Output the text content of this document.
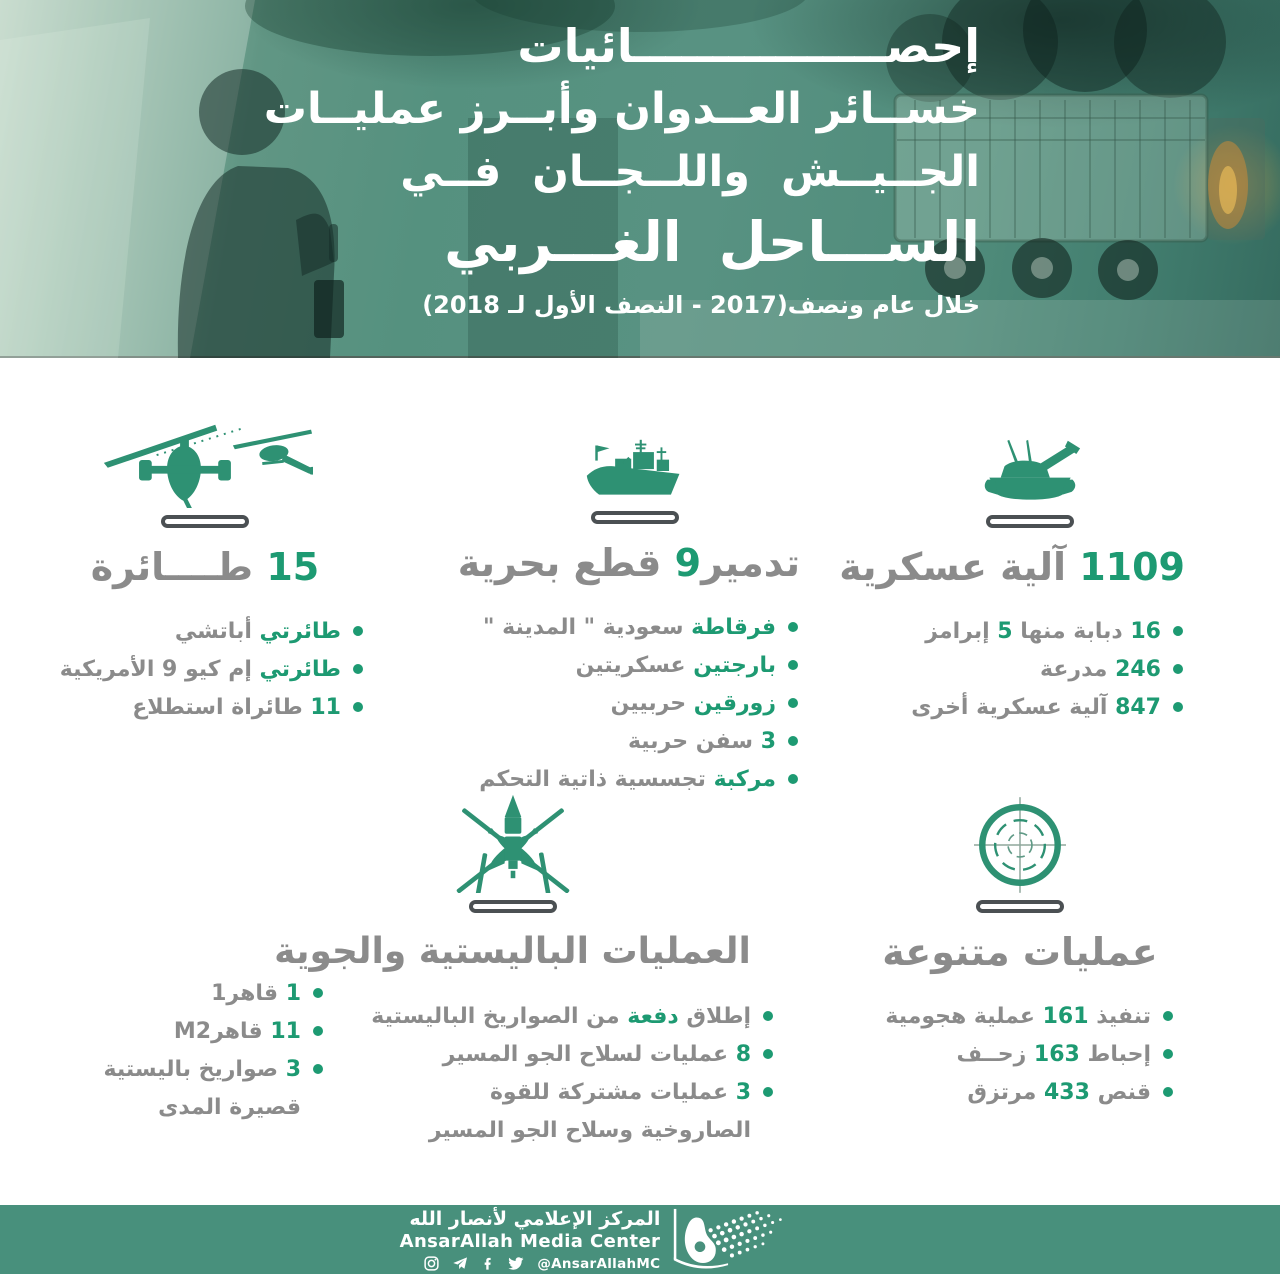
إحصــــــــــــــــائيات
خســائر العــدوان وأبــرز عمليــات
الجــيــش واللــجــان فــي
الســـاحل الغـــربي
خلال عام ونصف(2017 - النصف الأول لـ 2018)
15 طــــائرة
طائرتي أباتشي
طائرتي إم كيو 9 الأمريكية
11 طائراة استطلاع
تدمير9 قطع بحرية
فرقاطة سعودية " المدينة "
بارجتين عسكريتين
زورقين حربيين
3 سفن حربية
مركبة تجسسية ذاتية التحكم
1109 آلية عسكرية
16 دبابة منها 5 إبرامز
246 مدرعة
847 آلية عسكرية أخرى
العمليات الباليستية والجوية
إطلاق دفعة من الصواريخ الباليستية
8 عمليات لسلاح الجو المسير
3 عمليات مشتركة للقوة
الصاروخية وسلاح الجو المسير
1 قاهر1
11 قاهرM2
3 صواريخ باليستية
قصيرة المدى
عمليات متنوعة
تنفيذ 161 عملية هجومية
إحباط 163 زحــف
قنص 433 مرتزق
المركز الإعلامي لأنصار الله
AnsarAllah Media Center
@AnsarAllahMC
